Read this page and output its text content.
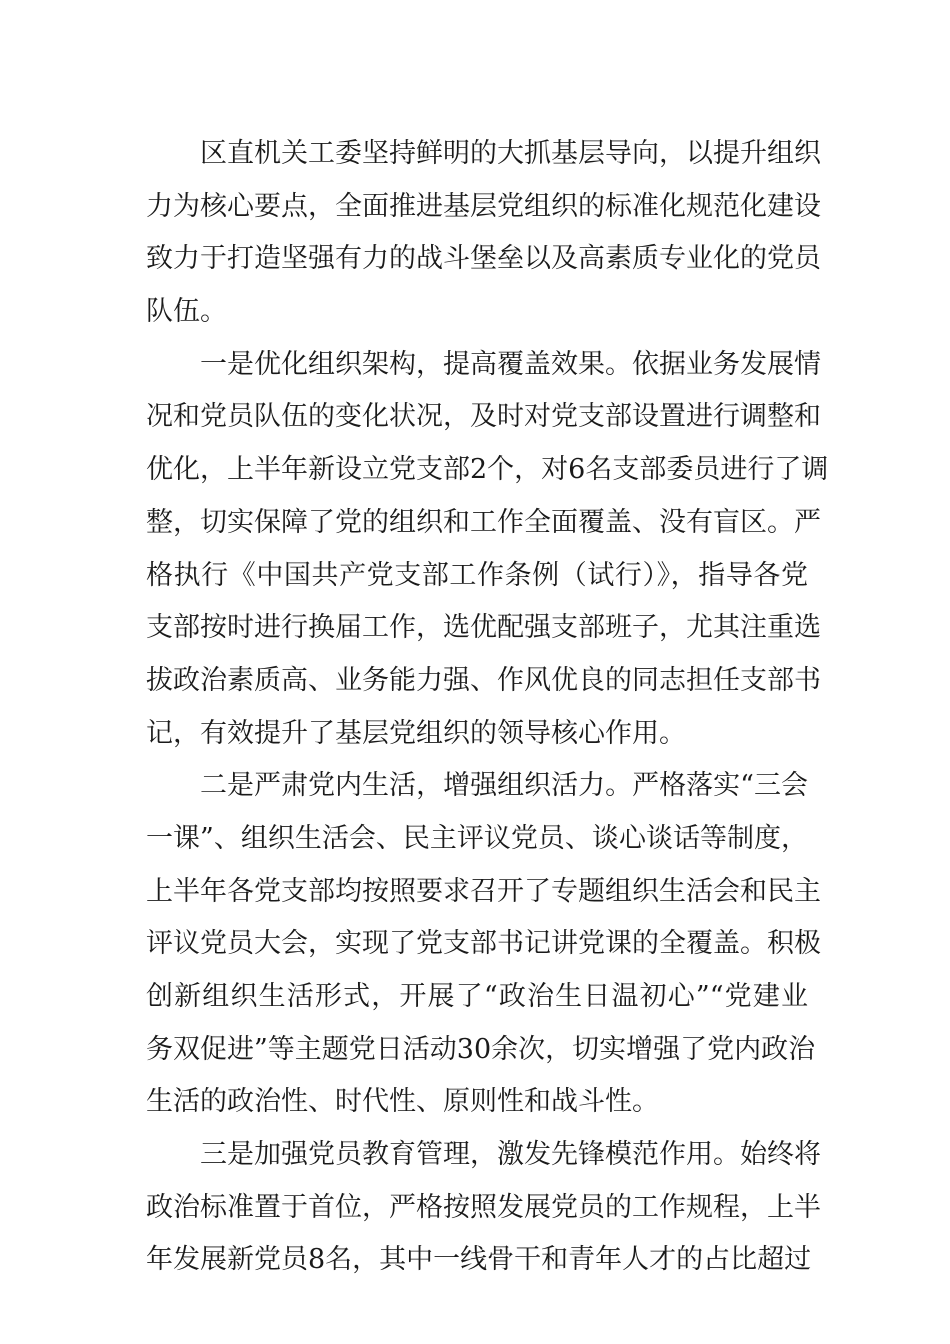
区直机关工委坚持鲜明的大抓基层导向，以提升组织
力为核心要点，全面推进基层党组织的标准化规范化建设
致力于打造坚强有力的战斗堡垒以及高素质专业化的党员
队伍。
一是优化组织架构，提高覆盖效果。依据业务发展情
况和党员队伍的变化状况，及时对党支部设置进行调整和
优化，上半年新设立党支部2个，对6名支部委员进行了调
整，切实保障了党的组织和工作全面覆盖、没有盲区。严
格执行《中国共产党支部工作条例（试行）》，指导各党
支部按时进行换届工作，选优配强支部班子，尤其注重选
拔政治素质高、业务能力强、作风优良的同志担任支部书
记，有效提升了基层党组织的领导核心作用。
二是严肃党内生活，增强组织活力。严格落实“三会
一课”、组织生活会、民主评议党员、谈心谈话等制度，
上半年各党支部均按照要求召开了专题组织生活会和民主
评议党员大会，实现了党支部书记讲党课的全覆盖。积极
创新组织生活形式，开展了“政治生日温初心”“党建业
务双促进”等主题党日活动30余次，切实增强了党内政治
生活的政治性、时代性、原则性和战斗性。
三是加强党员教育管理，激发先锋模范作用。始终将
政治标准置于首位，严格按照发展党员的工作规程，上半
年发展新党员8名，其中一线骨干和青年人才的占比超过
